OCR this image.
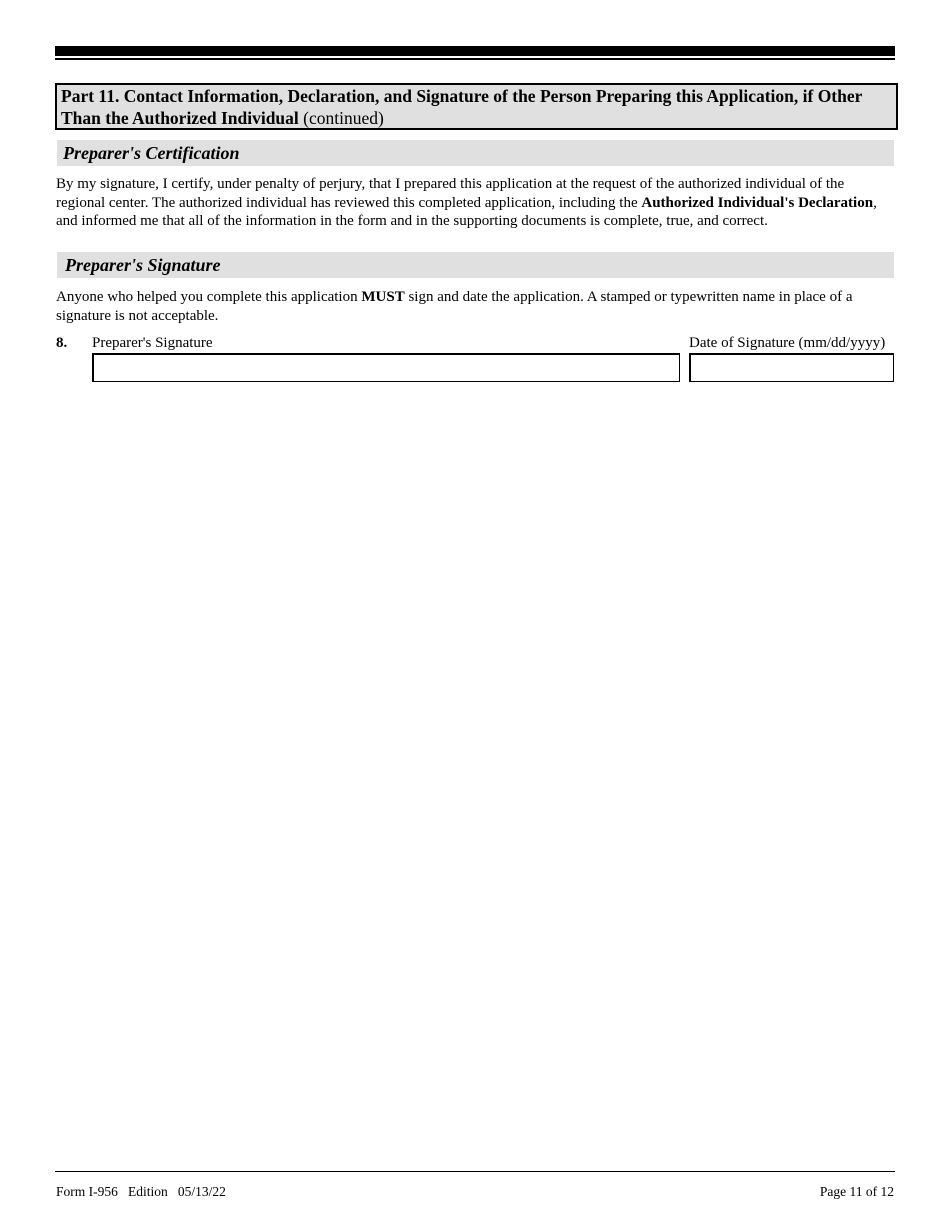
Part 11. Contact Information, Declaration, and Signature of the Person Preparing this Application, if Other Than the Authorized Individual (continued)
Preparer's Certification
By my signature, I certify, under penalty of perjury, that I prepared this application at the request of the authorized individual of the regional center. The authorized individual has reviewed this completed application, including the Authorized Individual's Declaration, and informed me that all of the information in the form and in the supporting documents is complete, true, and correct.
Preparer's Signature
Anyone who helped you complete this application MUST sign and date the application. A stamped or typewritten name in place of a signature is not acceptable.
8. Preparer's Signature	Date of Signature (mm/dd/yyyy)
Form I-956   Edition   05/13/22	Page 11 of 12
